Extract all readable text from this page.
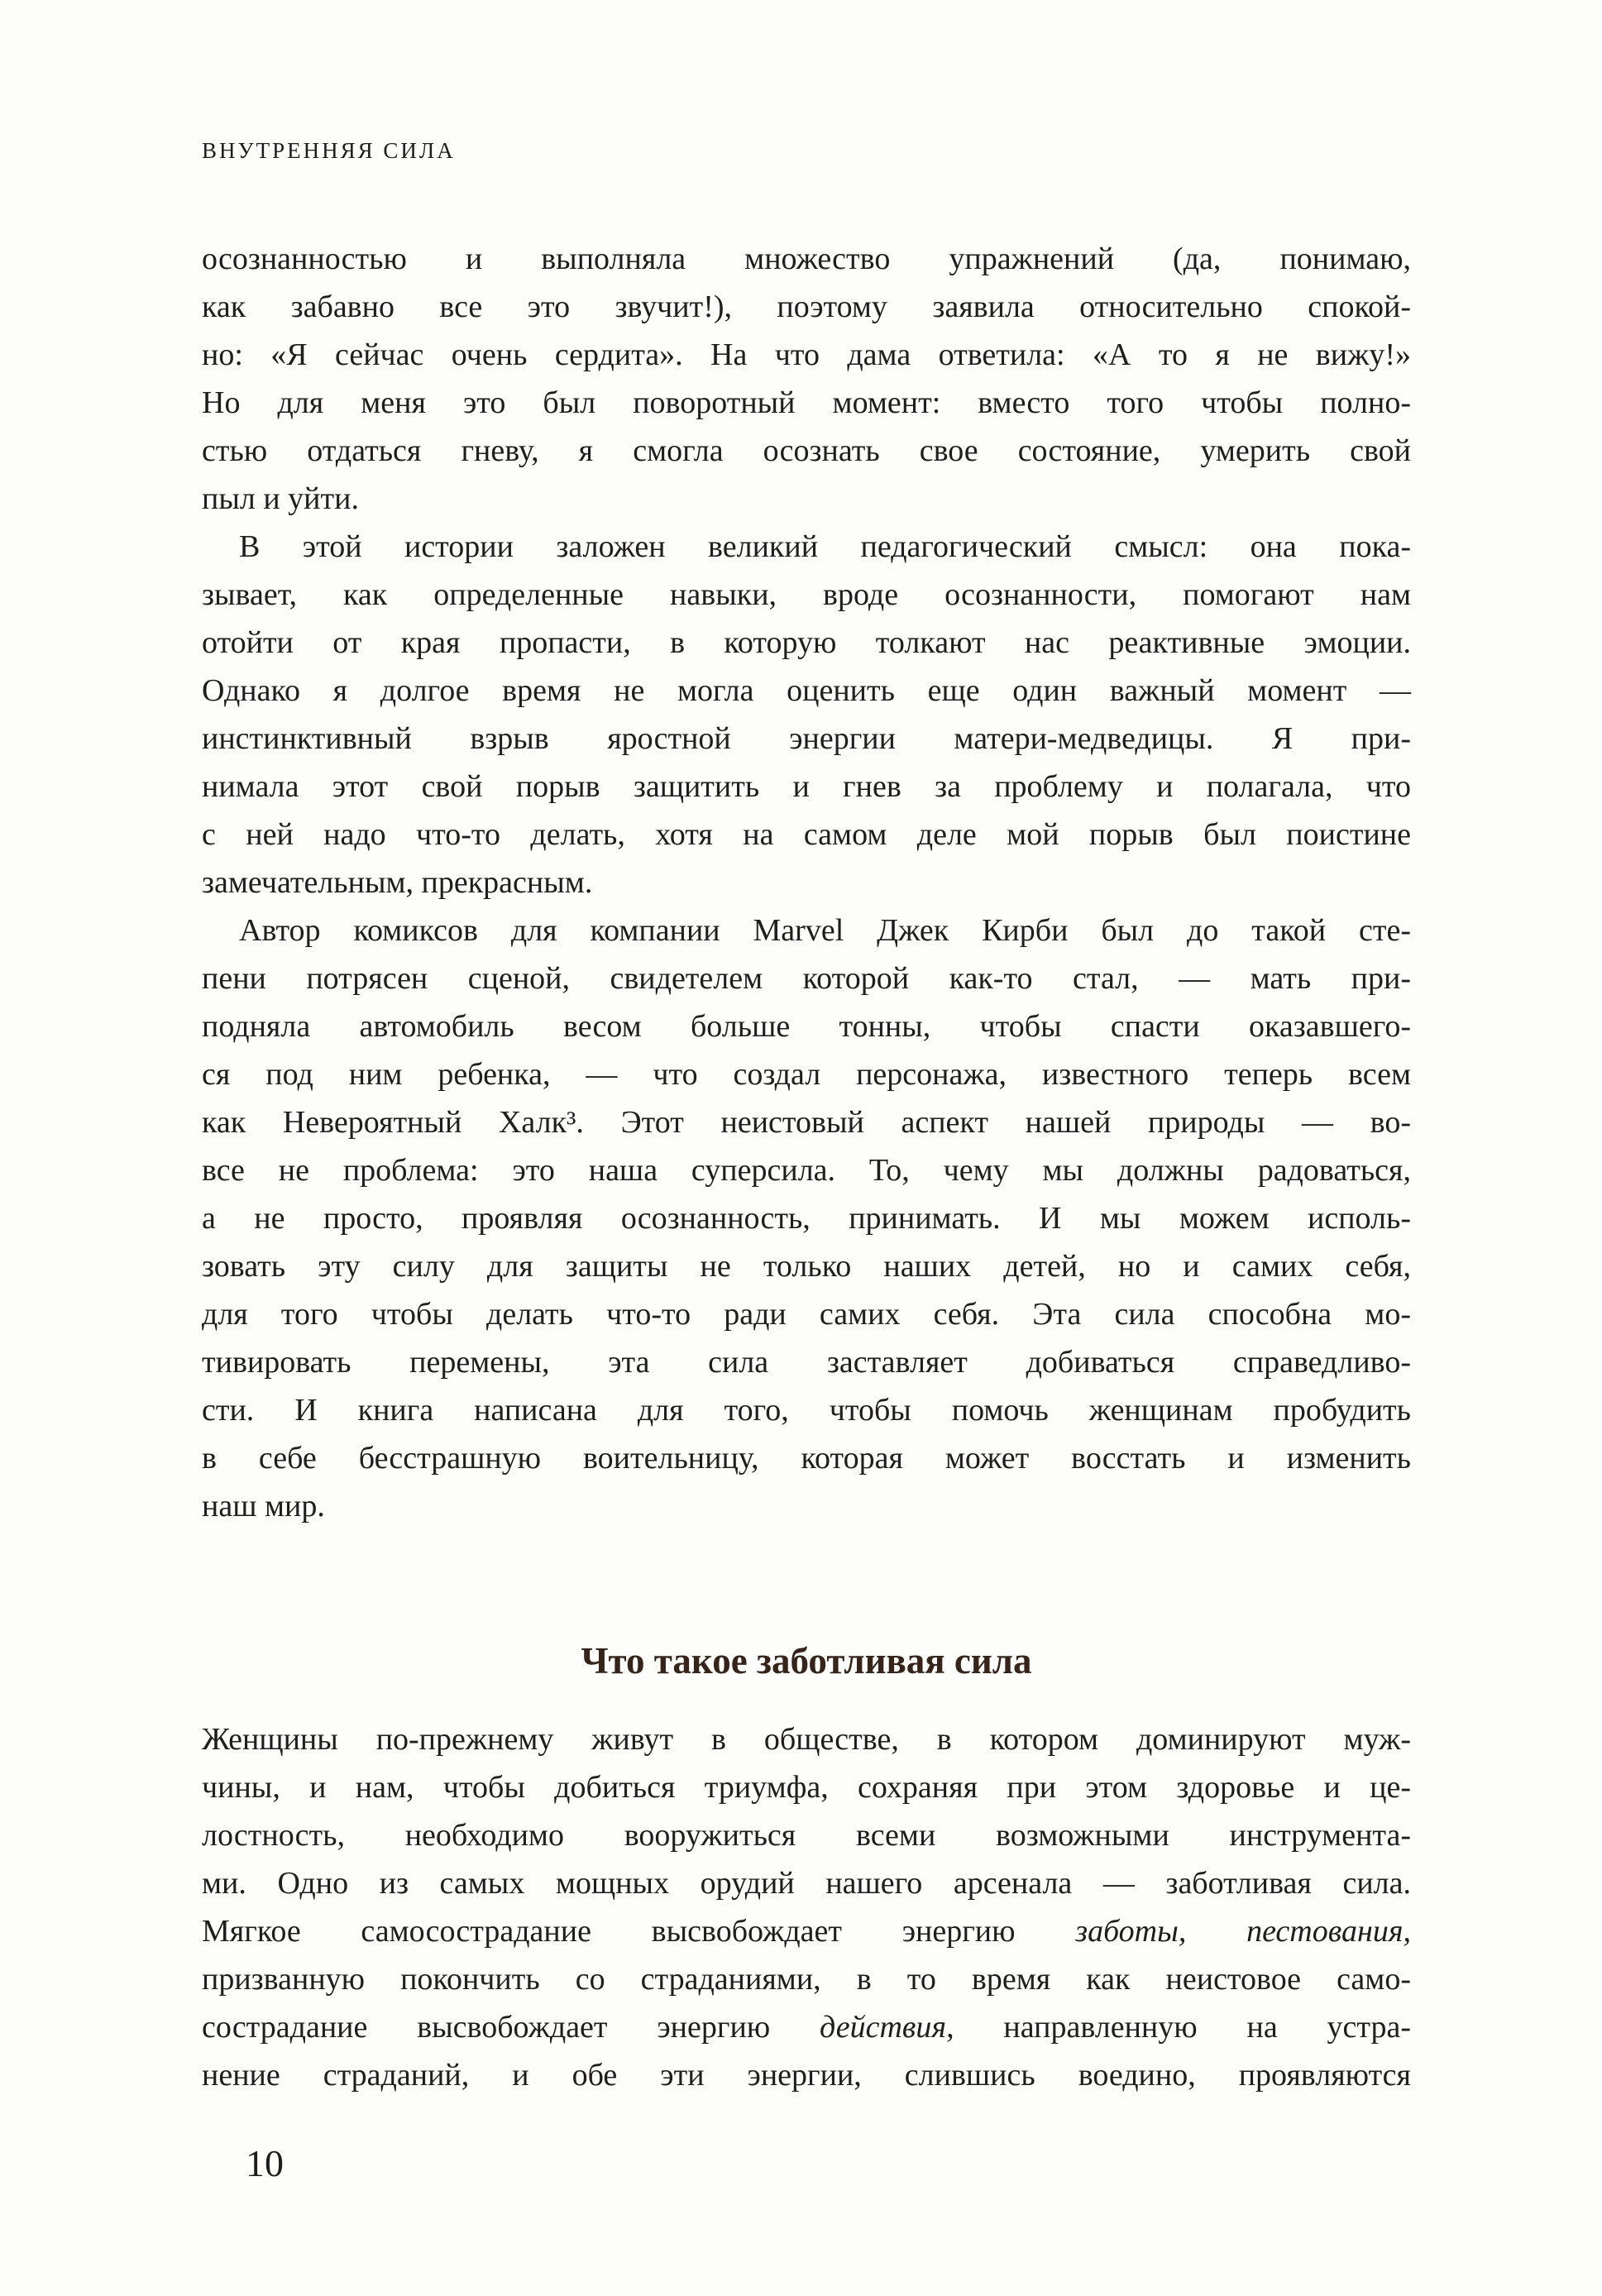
ВНУТРЕННЯЯ СИЛА
осознанностью и выполняла множество упражнений (да, понимаю,
как забавно все это звучит!), поэтому заявила относительно спокой-
но: «Я сейчас очень сердита». На что дама ответила: «А то я не вижу!»
Но для меня это был поворотный момент: вместо того чтобы полно-
стью отдаться гневу, я смогла осознать свое состояние, умерить свой
пыл и уйти.
В этой истории заложен великий педагогический смысл: она пока-
зывает, как определенные навыки, вроде осознанности, помогают нам
отойти от края пропасти, в которую толкают нас реактивные эмоции.
Однако я долгое время не могла оценить еще один важный момент —
инстинктивный взрыв яростной энергии матери-медведицы. Я при-
нимала этот свой порыв защитить и гнев за проблему и полагала, что
с ней надо что-то делать, хотя на самом деле мой порыв был поистине
замечательным, прекрасным.
Автор комиксов для компании Marvel Джек Кирби был до такой сте-
пени потрясен сценой, свидетелем которой как-то стал, — мать при-
подняла автомобиль весом больше тонны, чтобы спасти оказавшего-
ся под ним ребенка, — что создал персонажа, известного теперь всем
как Невероятный Халк³. Этот неистовый аспект нашей природы — во-
все не проблема: это наша суперсила. То, чему мы должны радоваться,
а не просто, проявляя осознанность, принимать. И мы можем исполь-
зовать эту силу для защиты не только наших детей, но и самих себя,
для того чтобы делать что-то ради самих себя. Эта сила способна мо-
тивировать перемены, эта сила заставляет добиваться справедливо-
сти. И книга написана для того, чтобы помочь женщинам пробудить
в себе бесстрашную воительницу, которая может восстать и изменить
наш мир.
Что такое заботливая сила
Женщины по-прежнему живут в обществе, в котором доминируют муж-
чины, и нам, чтобы добиться триумфа, сохраняя при этом здоровье и це-
лостность, необходимо вооружиться всеми возможными инструмента-
ми. Одно из самых мощных орудий нашего арсенала — заботливая сила.
Мягкое самосострадание высвобождает энергию заботы, пестования,
призванную покончить со страданиями, в то время как неистовое само-
сострадание высвобождает энергию действия, направленную на устра-
нение страданий, и обе эти энергии, слившись воедино, проявляются
10
